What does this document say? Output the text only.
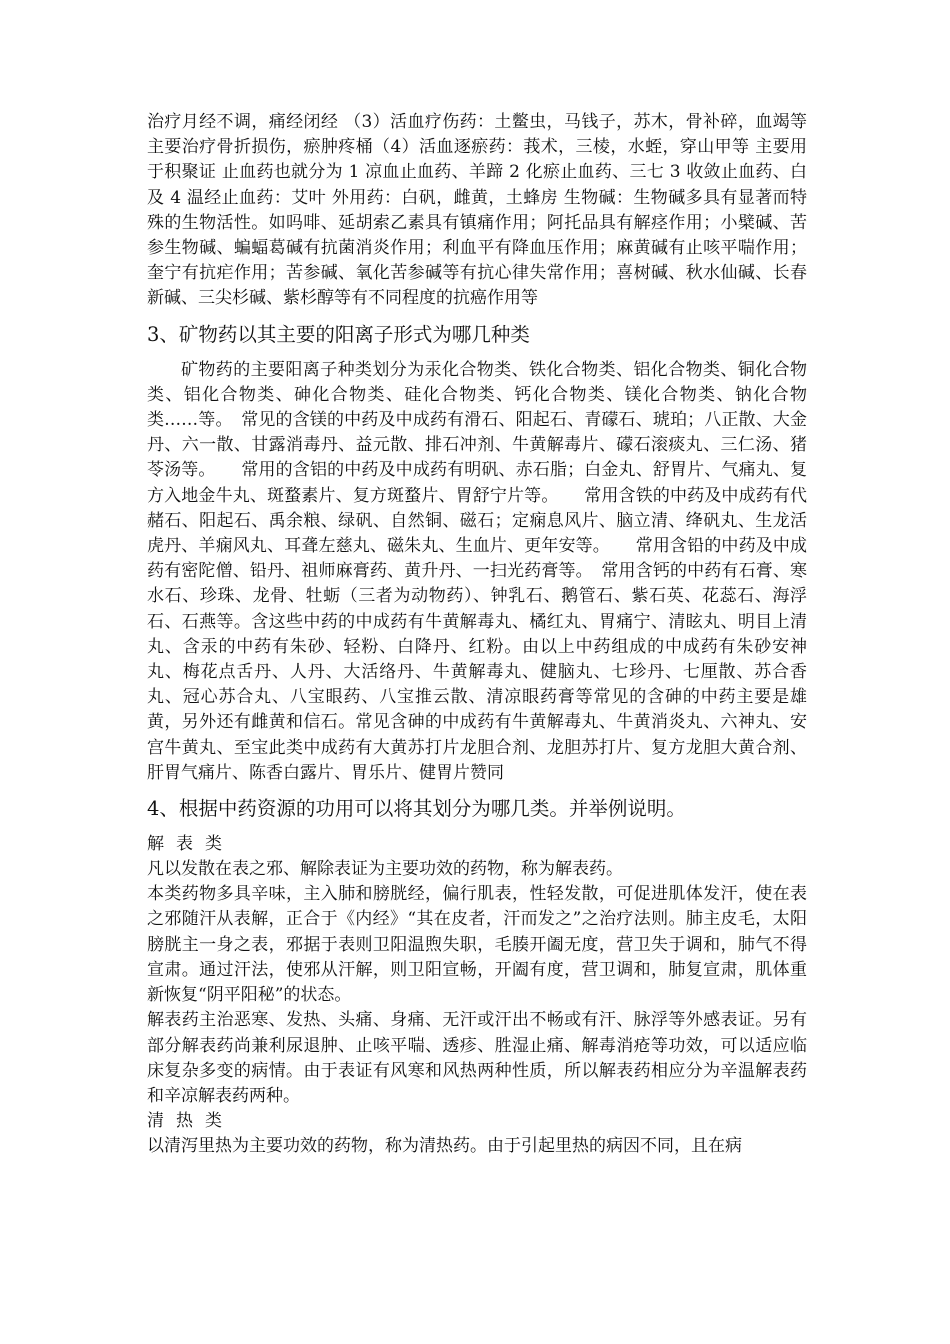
治疗月经不调，痛经闭经 （3）活血疗伤药：土鳖虫，马钱子，苏木，骨补碎，血竭等 主要治疗骨折损伤，瘀肿疼桶（4）活血逐瘀药：莪术，三棱，水蛭，穿山甲等 主要用于积聚证 止血药也就分为 1 凉血止血药、羊蹄 2 化瘀止血药、三七 3 收敛止血药、白及 4 温经止血药：艾叶 外用药：白矾，雌黄，土蜂房 生物碱：生物碱多具有显著而特殊的生物活性。如吗啡、延胡索乙素具有镇痛作用；阿托品具有解痉作用；小檗碱、苦参生物碱、蝙蝠葛碱有抗菌消炎作用；利血平有降血压作用；麻黄碱有止咳平喘作用；奎宁有抗疟作用；苦参碱、氧化苦参碱等有抗心律失常作用；喜树碱、秋水仙碱、长春新碱、三尖杉碱、紫杉醇等有不同程度的抗癌作用等

3、矿物药以其主要的阳离子形式为哪几种类

矿物药的主要阳离子种类划分为汞化合物类、铁化合物类、铝化合物类、铜化合物类、铝化合物类、砷化合物类、硅化合物类、钙化合物类、镁化合物类、钠化合物类……等。　常见的含镁的中药及中成药有滑石、阳起石、青礞石、琥珀；八正散、大金丹、六一散、甘露消毒丹、益元散、排石冲剂、牛黄解毒片、礞石滚痰丸、三仁汤、猪苓汤等。　　常用的含铝的中药及中成药有明矾、赤石脂；白金丸、舒胃片、气痛丸、复方入地金牛丸、斑蝥素片、复方斑蝥片、胃舒宁片等。　　常用含铁的中药及中成药有代赭石、阳起石、禹余粮、绿矾、自然铜、磁石；定痫息风片、脑立清、绛矾丸、生龙活虎丹、羊痫风丸、耳聋左慈丸、磁朱丸、生血片、更年安等。　　常用含铅的中药及中成药有密陀僧、铅丹、祖师麻膏药、黄升丹、一扫光药膏等。　常用含钙的中药有石膏、寒水石、珍珠、龙骨、牡蛎（三者为动物药）、钟乳石、鹅管石、紫石英、花蕊石、海浮石、石燕等。含这些中药的中成药有牛黄解毒丸、橘红丸、胃痛宁、清眩丸、明目上清丸、含汞的中药有朱砂、轻粉、白降丹、红粉。由以上中药组成的中成药有朱砂安神丸、梅花点舌丹、人丹、大活络丹、牛黄解毒丸、健脑丸、七珍丹、七厘散、苏合香丸、冠心苏合丸、八宝眼药、八宝推云散、清凉眼药膏等常见的含砷的中药主要是雄黄，另外还有雌黄和信石。常见含砷的中成药有牛黄解毒丸、牛黄消炎丸、六神丸、安宫牛黄丸、至宝此类中成药有大黄苏打片龙胆合剂、龙胆苏打片、复方龙胆大黄合剂、肝胃气痛片、陈香白露片、胃乐片、健胃片赞同

4、根据中药资源的功用可以将其划分为哪几类。并举例说明。

解表类

凡以发散在表之邪、解除表证为主要功效的药物，称为解表药。

本类药物多具辛味，主入肺和膀胱经，偏行肌表，性轻发散，可促进肌体发汗，使在表之邪随汗从表解，正合于《内经》“其在皮者，汗而发之”之治疗法则。肺主皮毛，太阳膀胱主一身之表，邪据于表则卫阳温煦失职，毛腠开阖无度，营卫失于调和，肺气不得宣肃。通过汗法，使邪从汗解，则卫阳宣畅，开阖有度，营卫调和，肺复宣肃，肌体重新恢复“阴平阳秘”的状态。

解表药主治恶寒、发热、头痛、身痛、无汗或汗出不畅或有汗、脉浮等外感表证。另有部分解表药尚兼利尿退肿、止咳平喘、透疹、胜湿止痛、解毒消疮等功效，可以适应临床复杂多变的病情。由于表证有风寒和风热两种性质，所以解表药相应分为辛温解表药和辛凉解表药两种。

清热类

以清泻里热为主要功效的药物，称为清热药。由于引起里热的病因不同，且在病
